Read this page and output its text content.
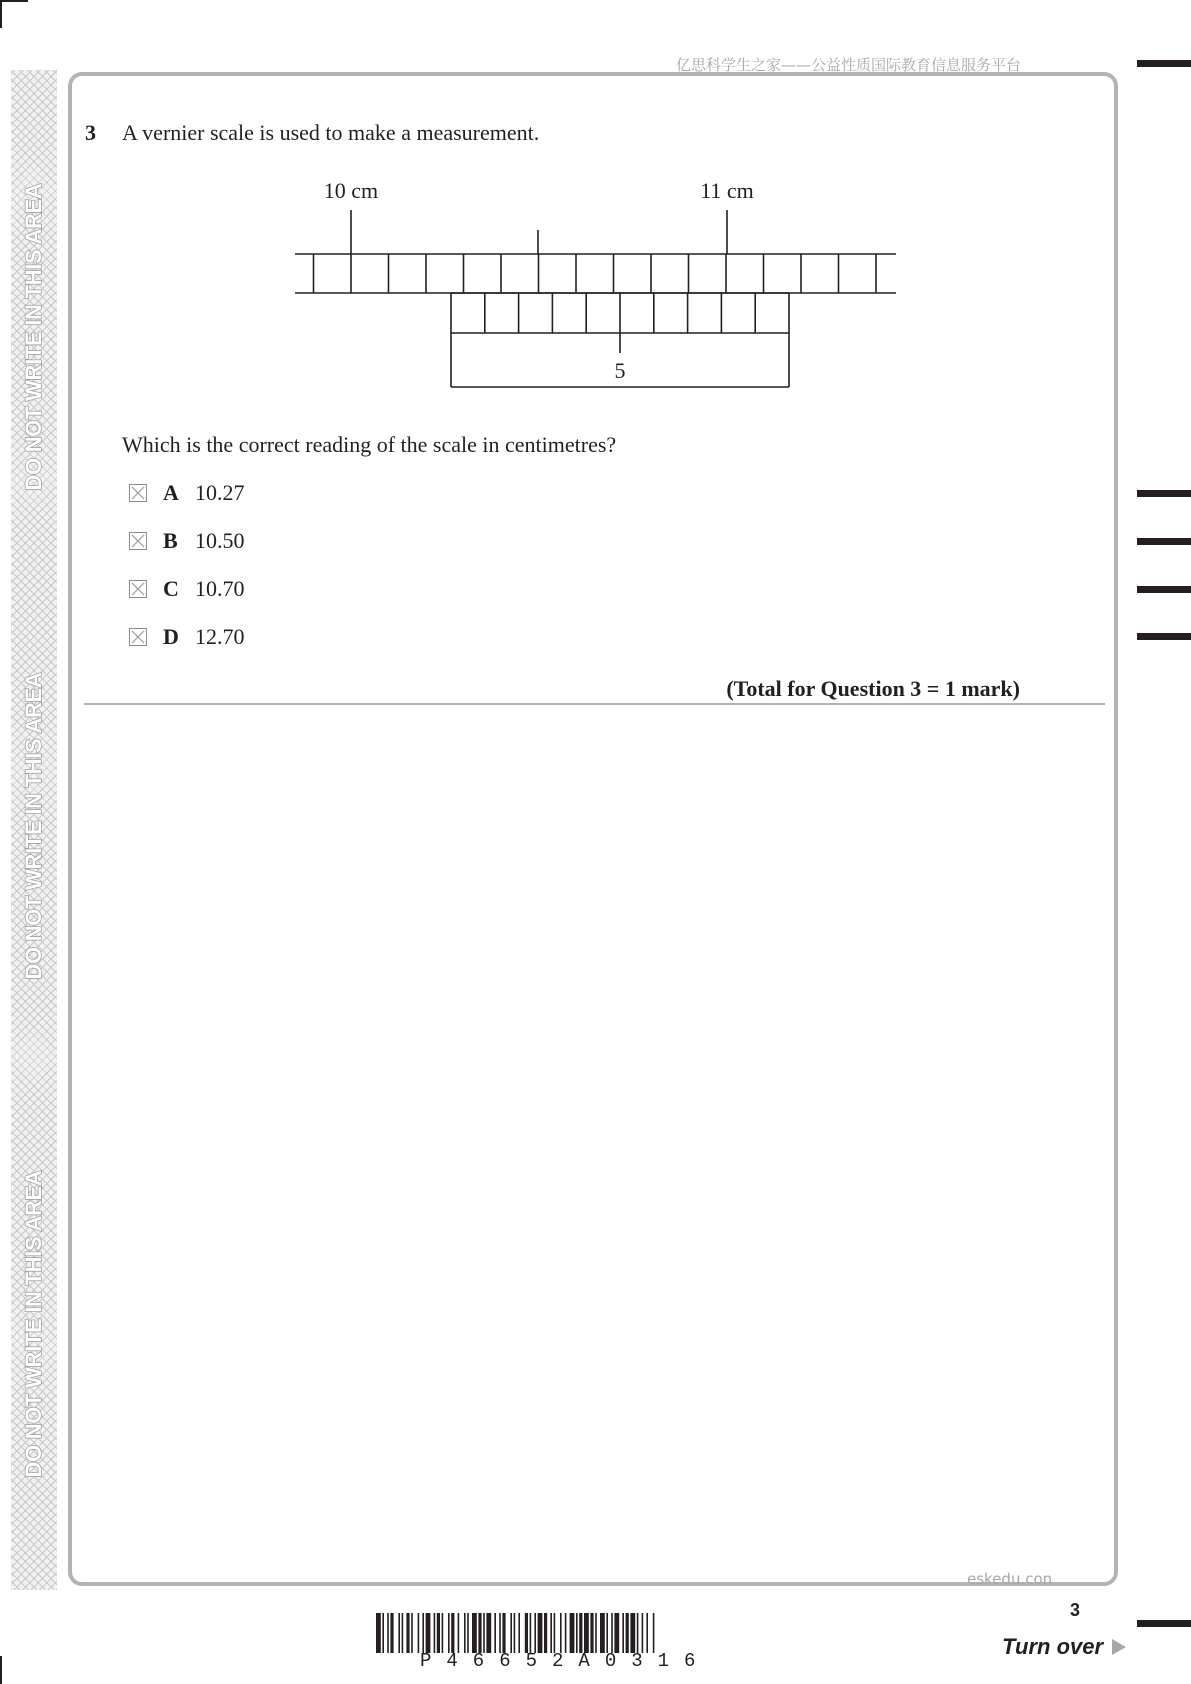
DO NOT WRITE IN THIS AREA
DO NOT WRITE IN THIS AREA
DO NOT WRITE IN THIS AREA
亿思科学生之家——公益性质国际教育信息服务平台
3 A vernier scale is used to make a measurement.
10 cm	11 cm
5
Which is the correct reading of the scale in centimetres?
A 10.27
B 10.50
C 10.70
D 12.70
(Total for Question 3 = 1 mark)
eskedu.con
3
P46652A0316
Turn over
